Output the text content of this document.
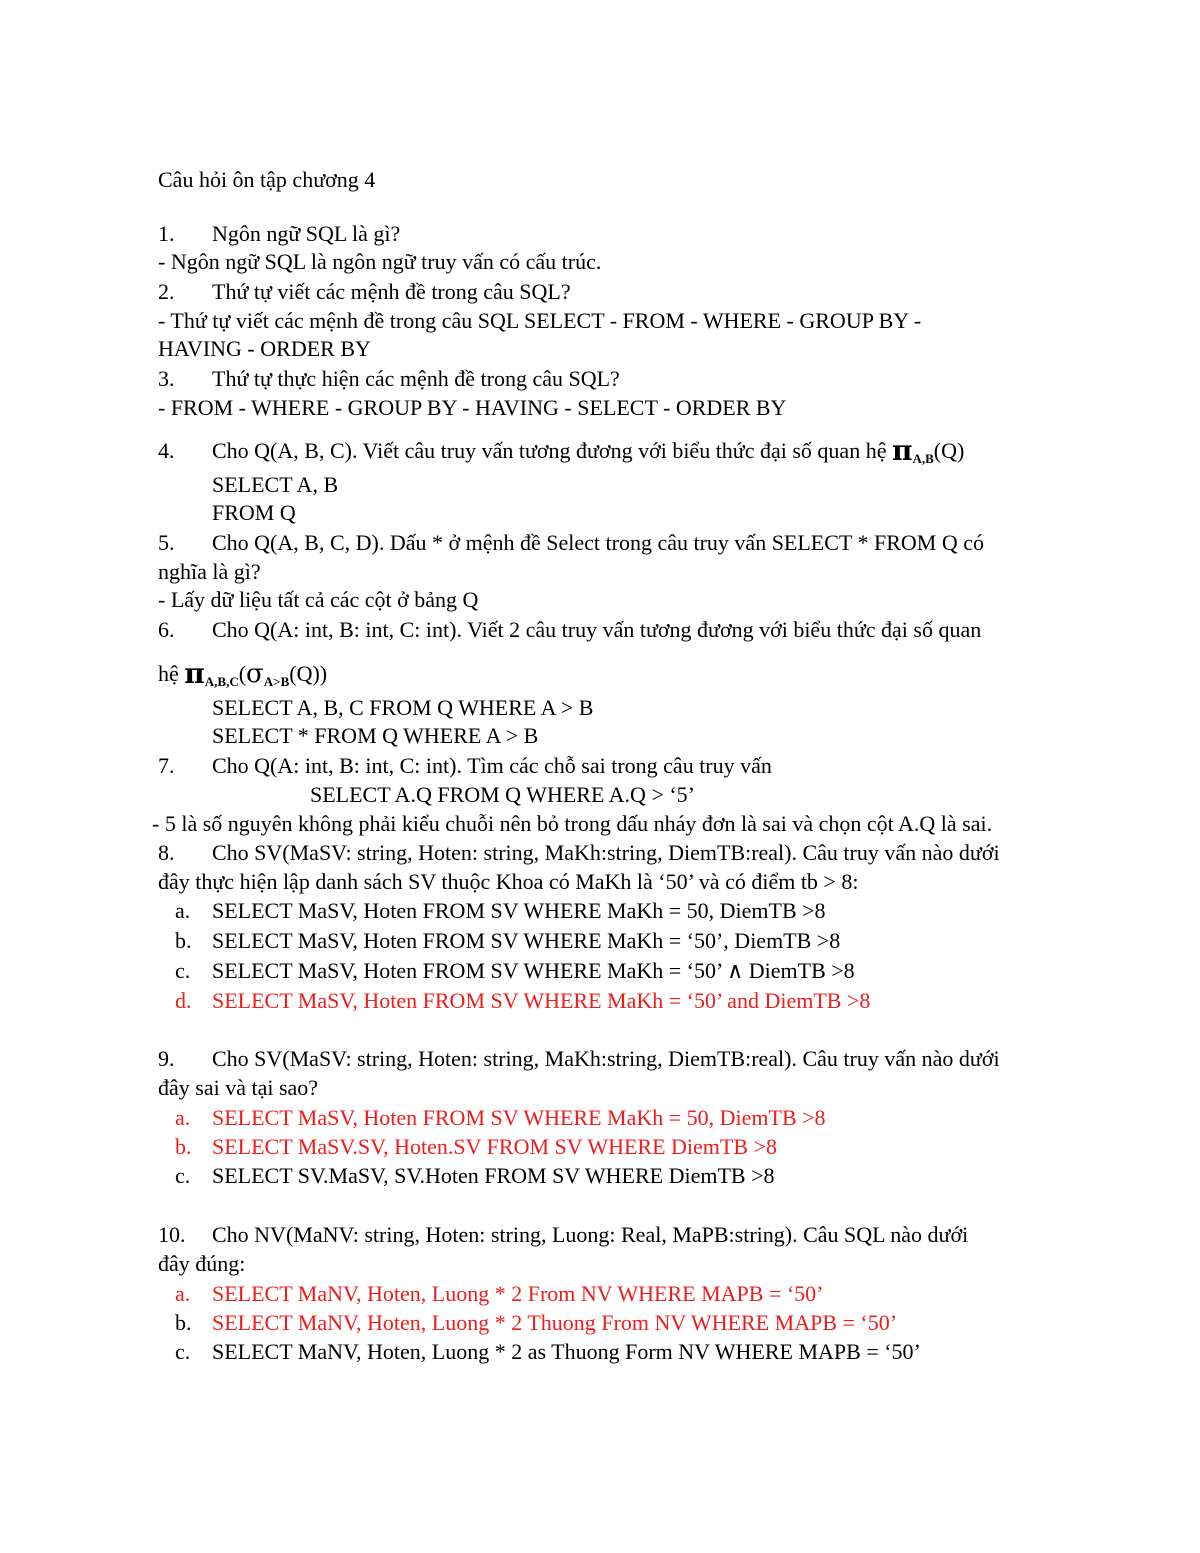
Câu hỏi ôn tập chương 4
1. Ngôn ngữ SQL là gì?
- Ngôn ngữ SQL là ngôn ngữ truy vấn có cấu trúc.
2. Thứ tự viết các mệnh đề trong câu SQL?
- Thứ tự viết các mệnh đề trong câu SQL SELECT - FROM - WHERE - GROUP BY -
HAVING - ORDER BY
3. Thứ tự thực hiện các mệnh đề trong câu SQL?
- FROM - WHERE - GROUP BY - HAVING - SELECT - ORDER BY
4. Cho Q(A, B, C). Viết câu truy vấn tương đương với biểu thức đại số quan hệ $\pi_{A,B}(Q)$
SELECT A, B
FROM Q
5. Cho Q(A, B, C, D). Dấu * ở mệnh đề Select trong câu truy vấn SELECT * FROM Q có
nghĩa là gì?
- Lấy dữ liệu tất cả các cột ở bảng Q
6. Cho Q(A: int, B: int, C: int). Viết 2 câu truy vấn tương đương với biểu thức đại số quan
hệ $\pi_{A,B,C}(\sigma_{A>B}(Q))$
SELECT A, B, C FROM Q WHERE A > B
SELECT * FROM Q WHERE A > B
7. Cho Q(A: int, B: int, C: int). Tìm các chỗ sai trong câu truy vấn
SELECT A.Q FROM Q WHERE A.Q > ‘5’
- 5 là số nguyên không phải kiểu chuỗi nên bỏ trong dấu nháy đơn là sai và chọn cột A.Q là sai.
8. Cho SV(MaSV: string, Hoten: string, MaKh:string, DiemTB:real). Câu truy vấn nào dưới
đây thực hiện lập danh sách SV thuộc Khoa có MaKh là ‘50’ và có điểm tb > 8:
a. SELECT MaSV, Hoten FROM SV WHERE MaKh = 50, DiemTB >8
b. SELECT MaSV, Hoten FROM SV WHERE MaKh = ‘50’, DiemTB >8
c. SELECT MaSV, Hoten FROM SV WHERE MaKh = ‘50’ ∧ DiemTB >8
d. SELECT MaSV, Hoten FROM SV WHERE MaKh = ‘50’ and DiemTB >8
9. Cho SV(MaSV: string, Hoten: string, MaKh:string, DiemTB:real). Câu truy vấn nào dưới
đây sai và tại sao?
a. SELECT MaSV, Hoten FROM SV WHERE MaKh = 50, DiemTB >8
b. SELECT MaSV.SV, Hoten.SV FROM SV WHERE DiemTB >8
c. SELECT SV.MaSV, SV.Hoten FROM SV WHERE DiemTB >8
10. Cho NV(MaNV: string, Hoten: string, Luong: Real, MaPB:string). Câu SQL nào dưới
đây đúng:
a. SELECT MaNV, Hoten, Luong * 2 From NV WHERE MAPB = ‘50’
b. SELECT MaNV, Hoten, Luong * 2 Thuong From NV WHERE MAPB = ‘50’
c. SELECT MaNV, Hoten, Luong * 2 as Thuong Form NV WHERE MAPB = ‘50’
